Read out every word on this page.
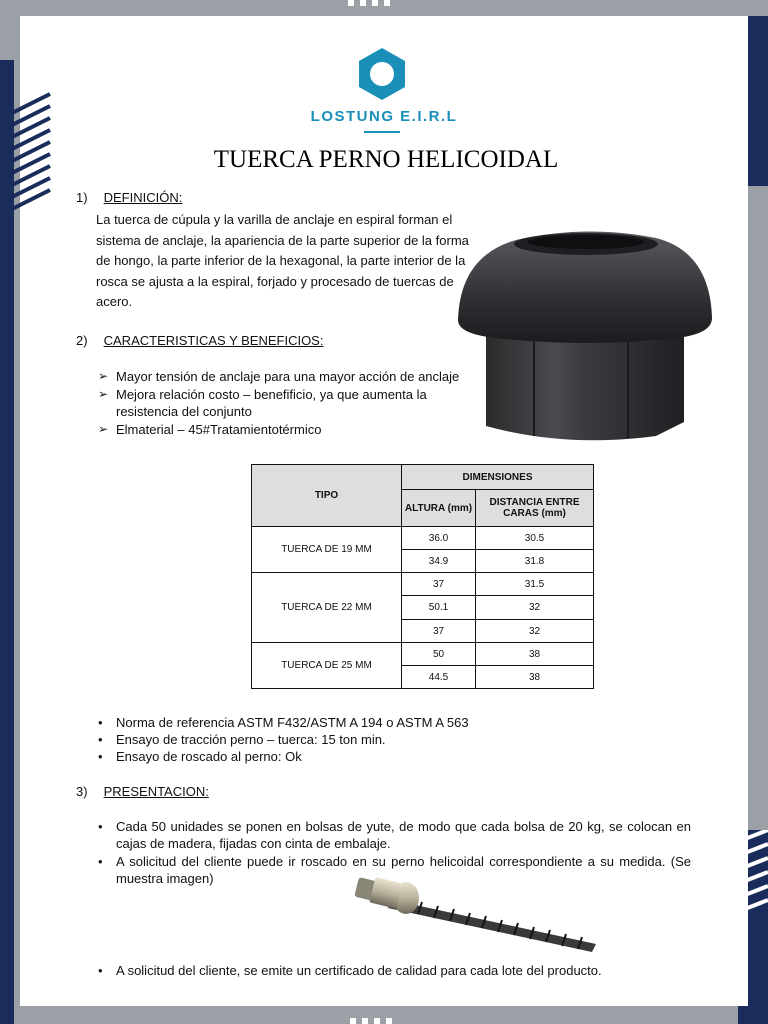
LOSTUNG E.I.R.L
TUERCA PERNO HELICOIDAL
1) DEFINICIÓN:
La tuerca de cúpula y la varilla de anclaje en espiral forman el sistema de anclaje, la apariencia de la parte superior de la forma de hongo, la parte inferior de la hexagonal, la parte interior de la rosca se ajusta a la espiral, forjado y procesado de tuercas de acero.
2) CARACTERISTICAS Y BENEFICIOS:
➢ Mayor tensión de anclaje para una mayor acción de anclaje
➢ Mejora relación costo – benefificio, ya que aumenta la resistencia del conjunto
➢ Elmaterial – 45#Tratamientotérmico
TIPO	DIMENSIONES	
	ALTURA (mm)	DISTANCIA ENTRE CARAS (mm)
TUERCA DE 19 MM	36.0	30.5
	34.9	31.8
TUERCA DE 22 MM	37	31.5
	50.1	32
	37	32
TUERCA DE 25 MM	50	38
	44.5	38
• Norma de referencia ASTM F432/ASTM A 194 o ASTM A 563
• Ensayo de tracción perno – tuerca: 15 ton min.
• Ensayo de roscado al perno: Ok
3) PRESENTACION:
• Cada 50 unidades se ponen en bolsas de yute, de modo que cada bolsa de 20 kg, se colocan en cajas de madera, fijadas con cinta de embalaje.
• A solicitud del cliente puede ir roscado en su perno helicoidal correspondiente a su medida. (Se muestra imagen)
• A solicitud del cliente, se emite un certificado de calidad para cada lote del producto.
